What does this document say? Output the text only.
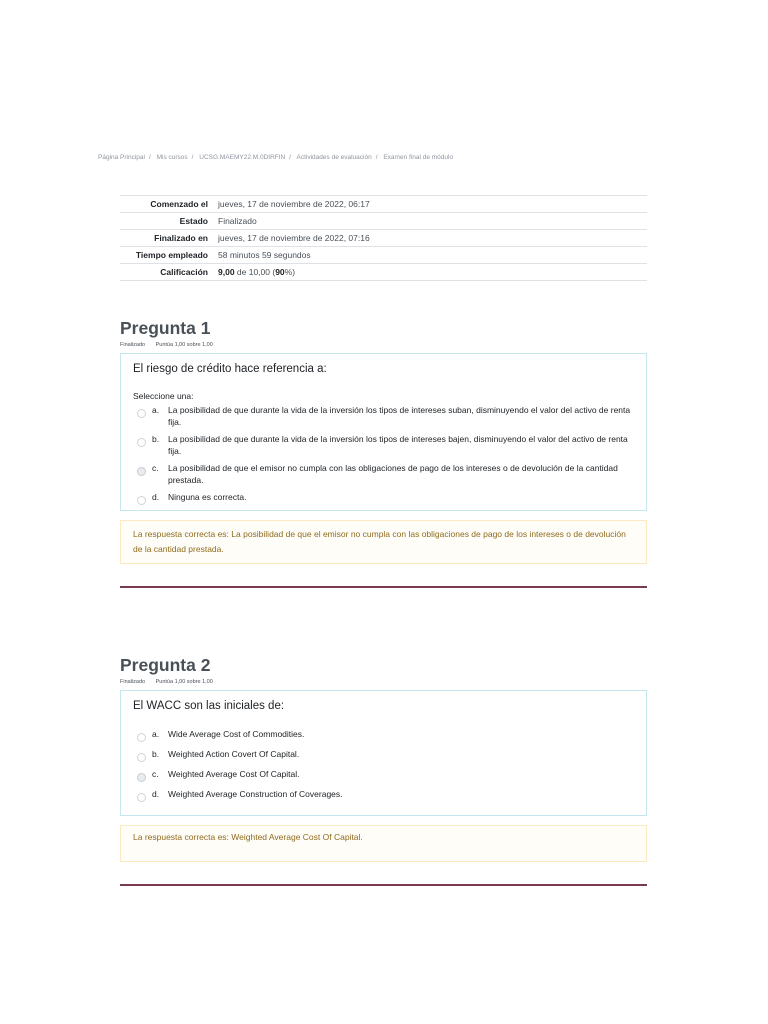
Página Principal / Mis cursos / UCSG.MAEMY22.M.0DIRFIN / Actividades de evaluación / Examen final de módulo
Comenzado el	jueves, 17 de noviembre de 2022, 06:17
Estado	Finalizado
Finalizado en	jueves, 17 de noviembre de 2022, 07:16
Tiempo empleado	58 minutos 59 segundos
Calificación	9,00 de 10,00 (90%)
Pregunta 1
Finalizado Puntúa 1,00 sobre 1,00

El riesgo de crédito hace referencia a:

Seleccione una:
a.	La posibilidad de que durante la vida de la inversión los tipos de intereses suban, disminuyendo el valor del activo de renta fija.
b.	La posibilidad de que durante la vida de la inversión los tipos de intereses bajen, disminuyendo el valor del activo de renta fija.
c.	La posibilidad de que el emisor no cumpla con las obligaciones de pago de los intereses o de devolución de la cantidad prestada.
d.	Ninguna es correcta.
La respuesta correcta es: La posibilidad de que el emisor no cumpla con las obligaciones de pago de los intereses o de devolución de la cantidad prestada.
Pregunta 2
Finalizado Puntúa 1,00 sobre 1,00

El WACC son las iniciales de:

a.	Wide Average Cost of Commodities.
b.	Weighted Action Covert Of Capital.
c.	Weighted Average Cost Of Capital.
d.	Weighted Average Construction of Coverages.
La respuesta correcta es: Weighted Average Cost Of Capital.
